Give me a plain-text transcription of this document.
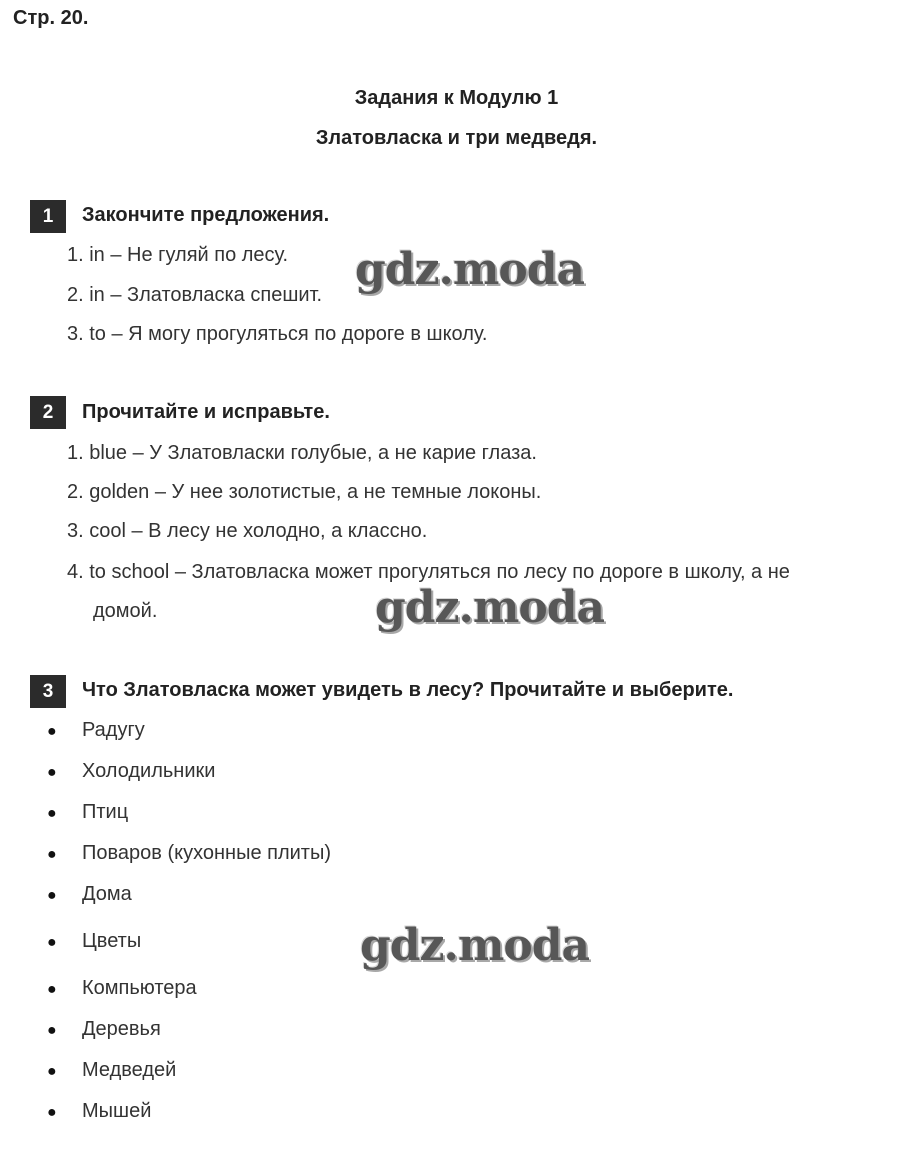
Стр. 20.
Задания к Модулю 1
Златовласка и три медведя.
1	Закончите предложения.
1. in – Не гуляй по лесу.
2. in – Златовласка спешит.
3. to – Я могу прогуляться по дороге в школу.
2	Прочитайте и исправьте.
1. blue – У Златовласки голубые, а не карие глаза.
2. golden – У нее золотистые, а не темные локоны.
3. cool – В лесу не холодно, а классно.
4. to school – Златовласка может прогуляться по лесу по дороге в школу, а не
домой.
3	Что Златовласка может увидеть в лесу? Прочитайте и выберите.
● Радугу
● Холодильники
● Птиц
● Поваров (кухонные плиты)
● Дома
● Цветы
● Компьютера
● Деревья
● Медведей
● Мышей
gdz.moda
gdz.moda
gdz.moda
